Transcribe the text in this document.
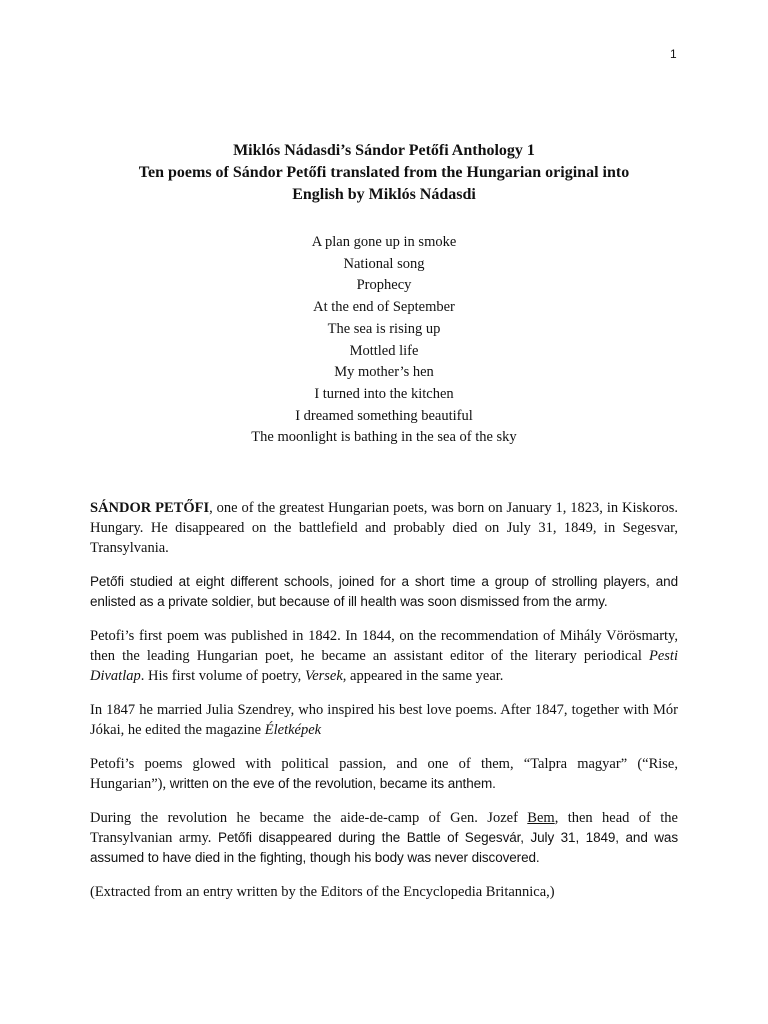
1
Miklós Nádasdi’s Sándor Petőfi Anthology 1
Ten poems of Sándor Petőfi translated from the Hungarian original into
English by Miklós Nádasdi
A plan gone up in smoke
National song
Prophecy
At the end of September
The sea is rising up
Mottled life
My mother’s hen
I turned into the kitchen
I dreamed something beautiful
The moonlight is bathing in the sea of the sky

SÁNDOR PETŐFI, one of the greatest Hungarian poets, was born on January 1, 1823, in Kiskoros. Hungary. He disappeared on the battlefield and probably died on July 31, 1849, in Segesvar, Transylvania.

Petőfi studied at eight different schools, joined for a short time a group of strolling players, and enlisted as a private soldier, but because of ill health was soon dismissed from the army.

Petofi’s first poem was published in 1842. In 1844, on the recommendation of Mihály Vörösmarty, then the leading Hungarian poet, he became an assistant editor of the literary periodical Pesti Divatlap. His first volume of poetry, Versek, appeared in the same year.

In 1847 he married Julia Szendrey, who inspired his best love poems. After 1847, together with Mór Jókai, he edited the magazine Életképek

Petofi’s poems glowed with political passion, and one of them, “Talpra magyar” (“Rise, Hungarian”), written on the eve of the revolution, became its anthem.

During the revolution he became the aide-de-camp of Gen. Jozef Bem, then head of the Transylvanian army. Petőfi disappeared during the Battle of Segesvár, July 31, 1849, and was assumed to have died in the fighting, though his body was never discovered.

(Extracted from an entry written by the Editors of the Encyclopedia Britannica,)
